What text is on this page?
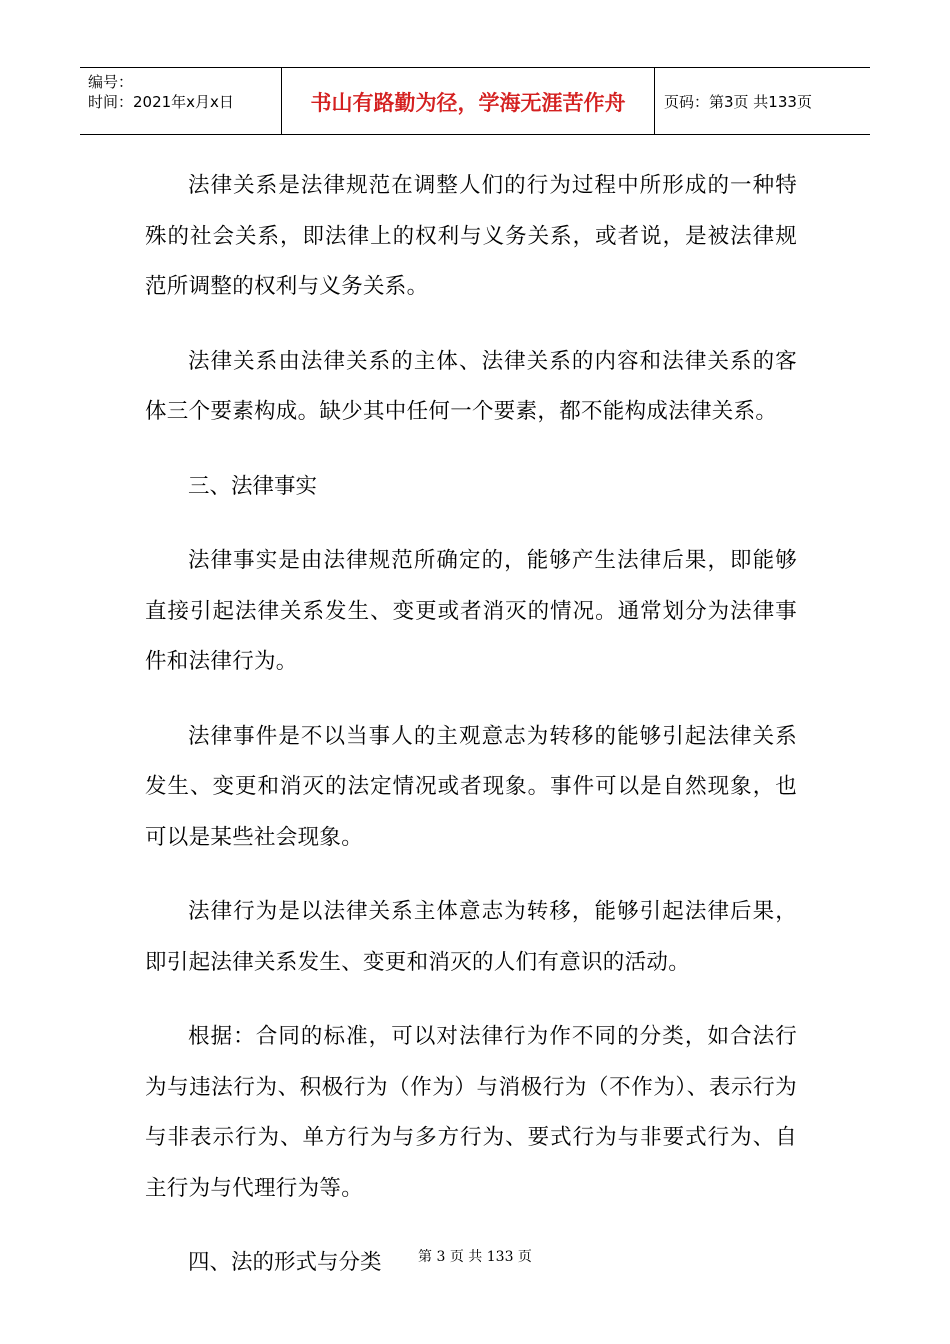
编号：
时间：2021年x月x日	书山有路勤为径，学海无涯苦作舟	页码：第3页 共133页

法律关系是法律规范在调整人们的行为过程中所形成的一种特殊的社会关系，即法律上的权利与义务关系，或者说，是被法律规范所调整的权利与义务关系。

法律关系由法律关系的主体、法律关系的内容和法律关系的客体三个要素构成。缺少其中任何一个要素，都不能构成法律关系。

三、法律事实

法律事实是由法律规范所确定的，能够产生法律后果，即能够直接引起法律关系发生、变更或者消灭的情况。通常划分为法律事件和法律行为。

法律事件是不以当事人的主观意志为转移的能够引起法律关系发生、变更和消灭的法定情况或者现象。事件可以是自然现象，也可以是某些社会现象。

法律行为是以法律关系主体意志为转移，能够引起法律后果，即引起法律关系发生、变更和消灭的人们有意识的活动。

根据：合同的标准，可以对法律行为作不同的分类，如合法行为与违法行为、积极行为（作为）与消极行为（不作为）、表示行为与非表示行为、单方行为与多方行为、要式行为与非要式行为、自主行为与代理行为等。

四、法的形式与分类	第 3 页 共 133 页
